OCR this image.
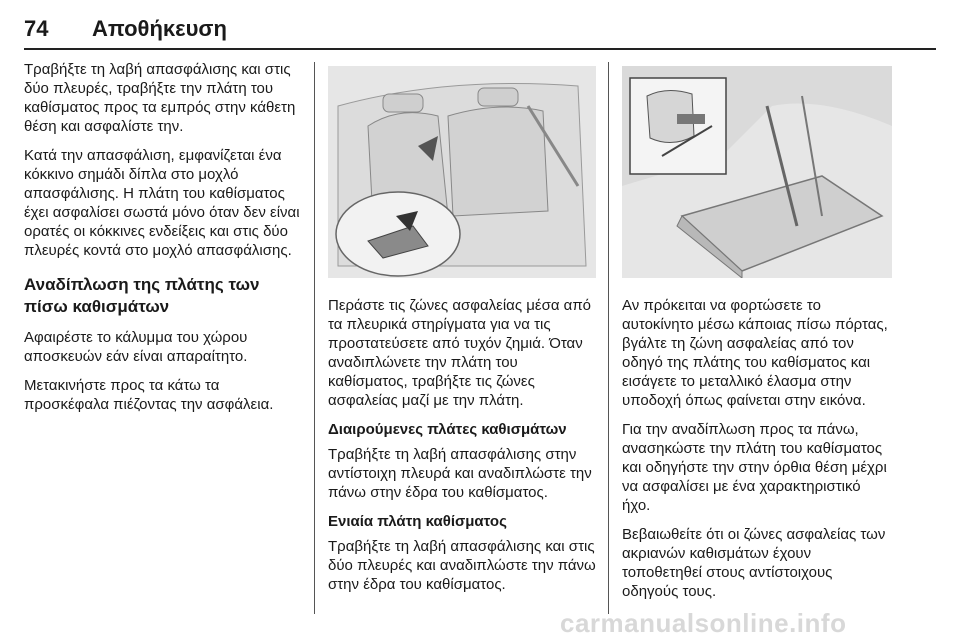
74 Αποθήκευση

Τραβήξτε τη λαβή απασφάλισης και στις δύο πλευρές, τραβήξτε την πλάτη του καθίσματος προς τα εμπρός στην κάθετη θέση και ασφαλίστε την.

Κατά την απασφάλιση, εμφανίζεται ένα κόκκινο σημάδι δίπλα στο μοχλό απασφάλισης. Η πλάτη του καθίσματος έχει ασφαλίσει σωστά μόνο όταν δεν είναι ορατές οι κόκκινες ενδείξεις και στις δύο πλευρές κοντά στο μοχλό απασφάλισης.

Αναδίπλωση της πλάτης των πίσω καθισμάτων

Αφαιρέστε το κάλυμμα του χώρου αποσκευών εάν είναι απαραίτητο.

Μετακινήστε προς τα κάτω τα προσκέφαλα πιέζοντας την ασφάλεια.

Περάστε τις ζώνες ασφαλείας μέσα από τα πλευρικά στηρίγματα για να τις προστατεύσετε από τυχόν ζημιά. Όταν αναδιπλώνετε την πλάτη του καθίσματος, τραβήξτε τις ζώνες ασφαλείας μαζί με την πλάτη.

Διαιρούμενες πλάτες καθισμάτων

Τραβήξτε τη λαβή απασφάλισης στην αντίστοιχη πλευρά και αναδιπλώστε την πάνω στην έδρα του καθίσματος.

Ενιαία πλάτη καθίσματος

Τραβήξτε τη λαβή απασφάλισης και στις δύο πλευρές και αναδιπλώστε την πάνω στην έδρα του καθίσματος.

Αν πρόκειται να φορτώσετε το αυτοκίνητο μέσω κάποιας πίσω πόρτας, βγάλτε τη ζώνη ασφαλείας από τον οδηγό της πλάτης του καθίσματος και εισάγετε το μεταλλικό έλασμα στην υποδοχή όπως φαίνεται στην εικόνα.

Για την αναδίπλωση προς τα πάνω, ανασηκώστε την πλάτη του καθίσματος και οδηγήστε την στην όρθια θέση μέχρι να ασφαλίσει με ένα χαρακτηριστικό ήχο.

Βεβαιωθείτε ότι οι ζώνες ασφαλείας των ακριανών καθισμάτων έχουν τοποθετηθεί στους αντίστοιχους οδηγούς τους.

carmanualsonline.info
